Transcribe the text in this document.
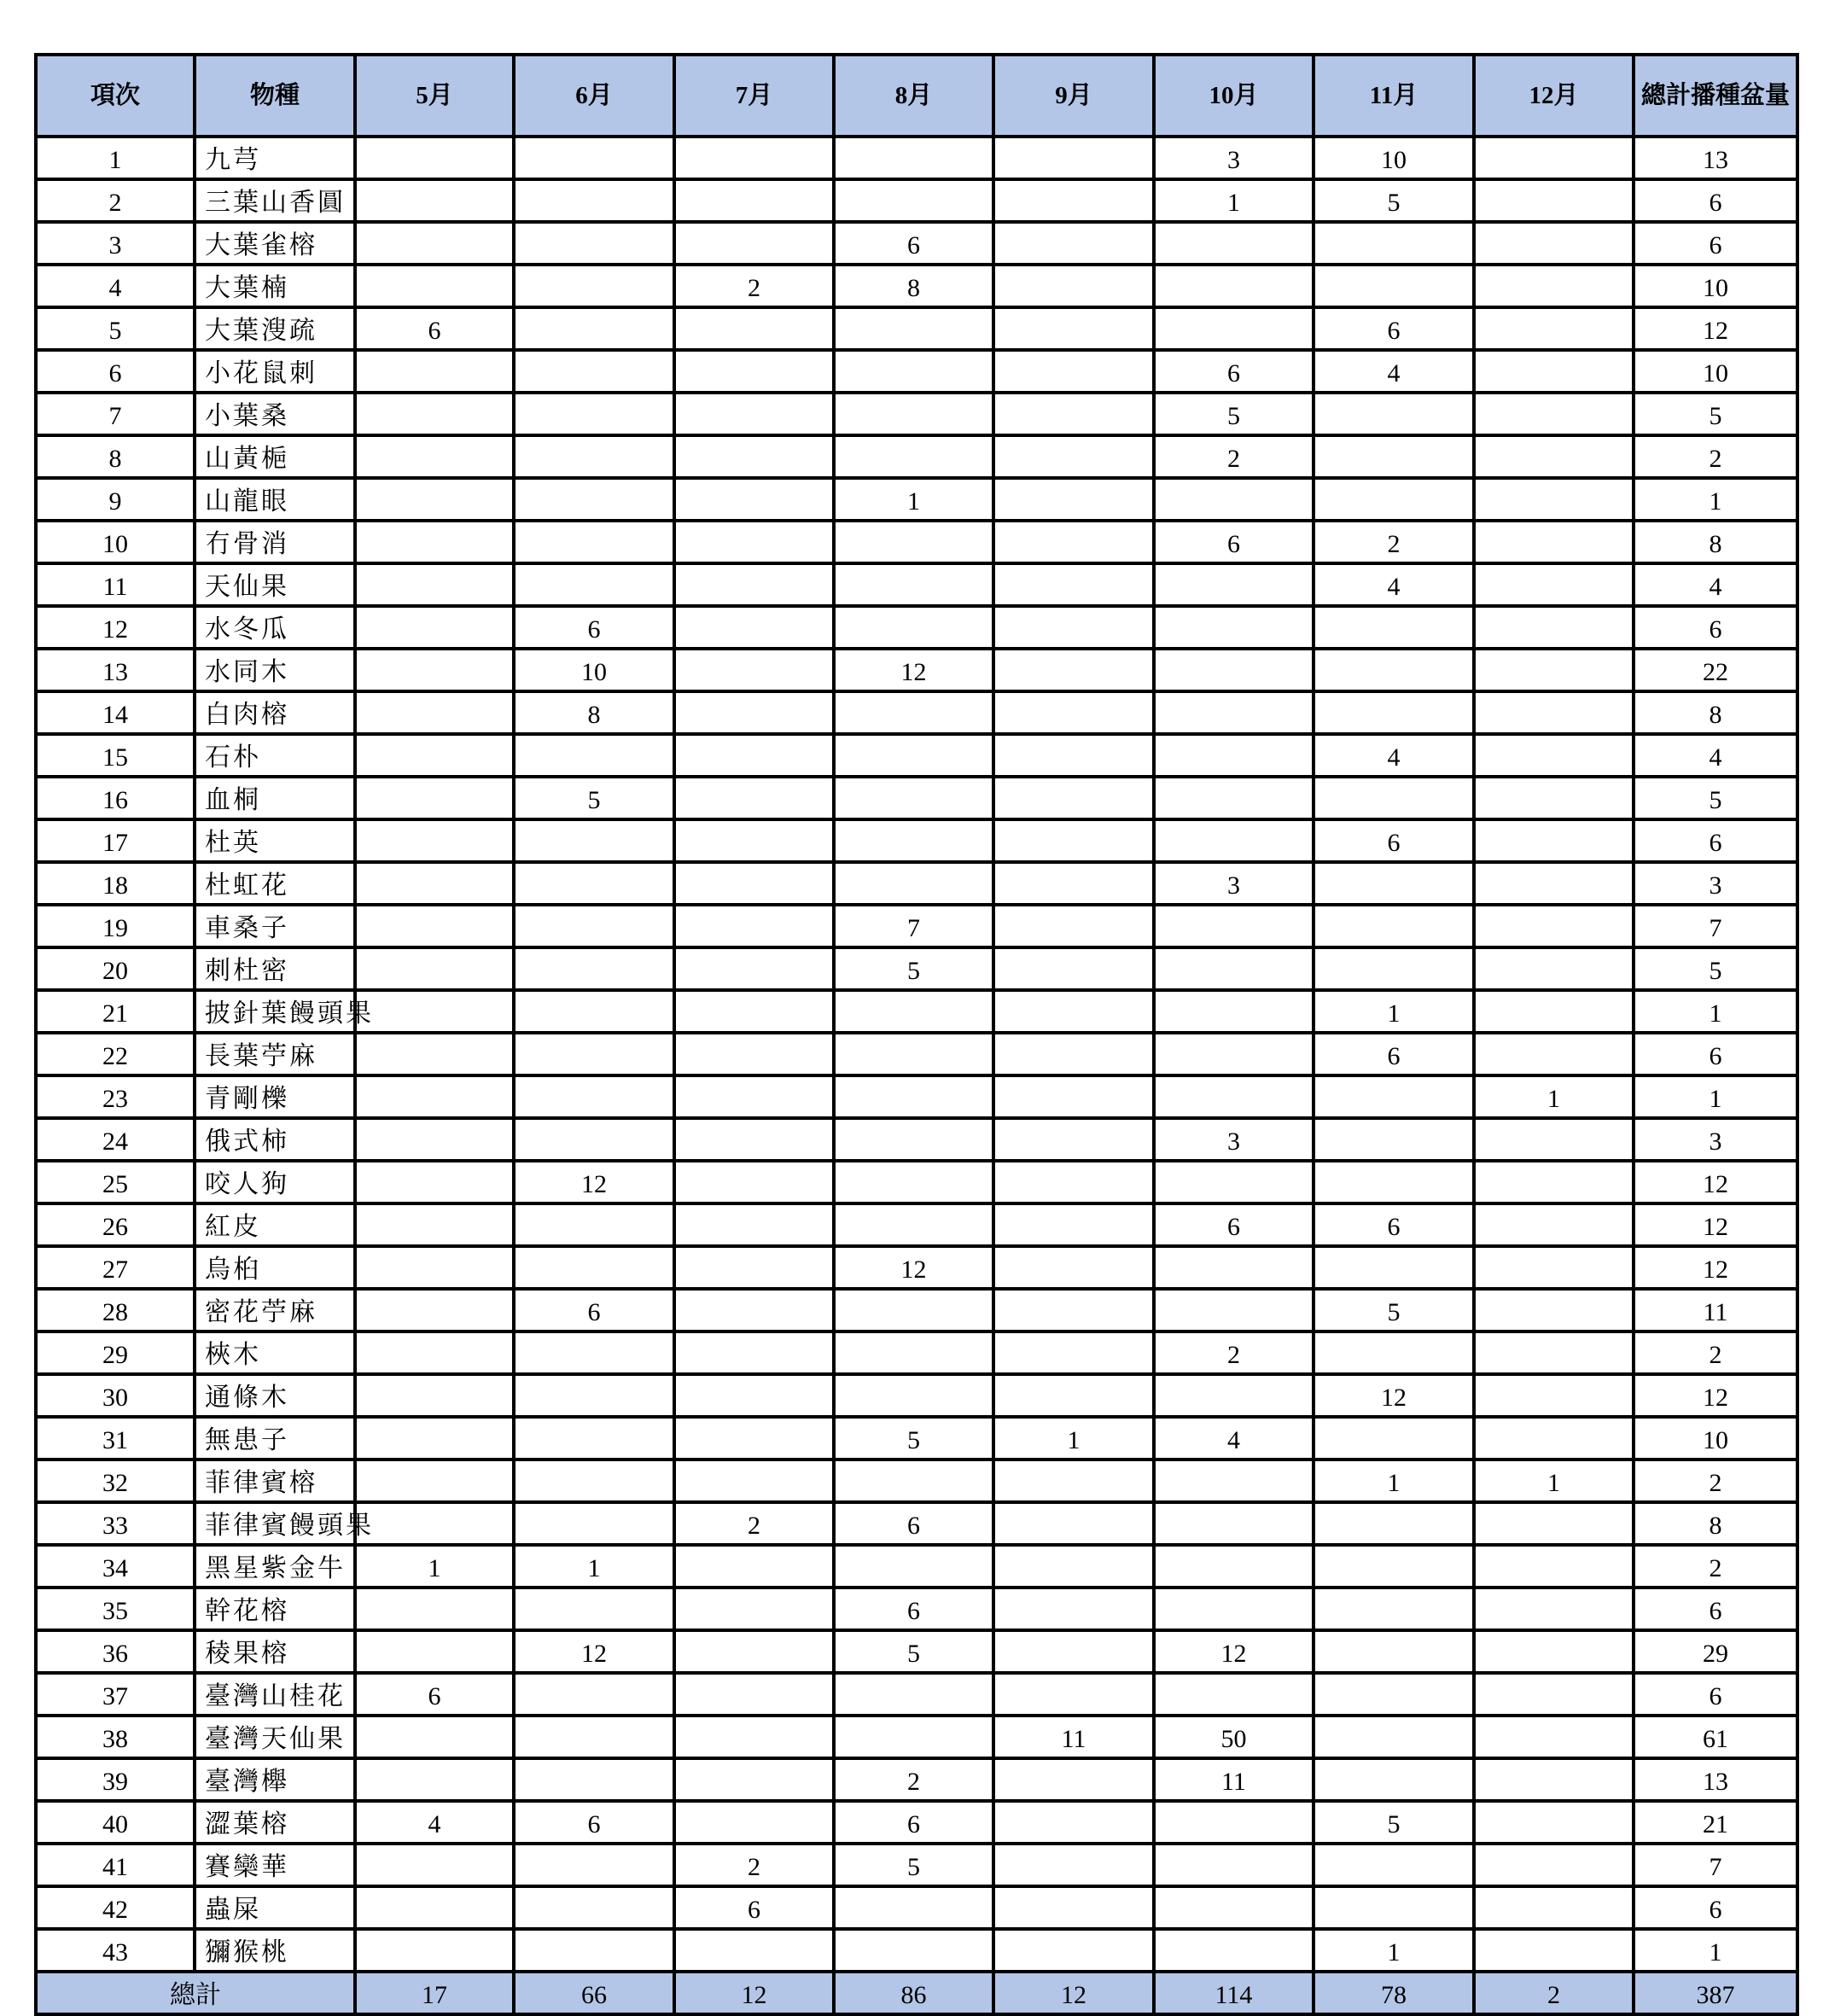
項次	物種	5月	6月	7月	8月	9月	10月	11月	12月	總計播種盆量
1	九芎						3	10		13
2	三葉山香圓						1	5		6
3	大葉雀榕				6					6
4	大葉楠			2	8					10
5	大葉溲疏	6						6		12
6	小花鼠刺						6	4		10
7	小葉桑						5			5
8	山黃梔						2			2
9	山龍眼				1					1
10	冇骨消						6	2		8
11	天仙果							4		4
12	水冬瓜		6							6
13	水同木		10		12					22
14	白肉榕		8							8
15	石朴							4		4
16	血桐		5							5
17	杜英							6		6
18	杜虹花						3			3
19	車桑子				7					7
20	刺杜密				5					5
21	披針葉饅頭果							1		1
22	長葉苧麻							6		6
23	青剛櫟								1	1
24	俄式柿						3			3
25	咬人狗		12							12
26	紅皮						6	6		12
27	烏桕				12					12
28	密花苧麻		6					5		11
29	梜木						2			2
30	通條木							12		12
31	無患子				5	1	4			10
32	菲律賓榕							1	1	2
33	菲律賓饅頭果			2	6					8
34	黑星紫金牛	1	1							2
35	幹花榕				6					6
36	稜果榕		12		5		12			29
37	臺灣山桂花	6								6
38	臺灣天仙果					11	50			61
39	臺灣櫸				2		11			13
40	澀葉榕	4	6		6			5		21
41	賽欒華			2	5					7
42	蟲屎			6						6
43	獼猴桃							1		1
總計		17	66	12	86	12	114	78	2	387
